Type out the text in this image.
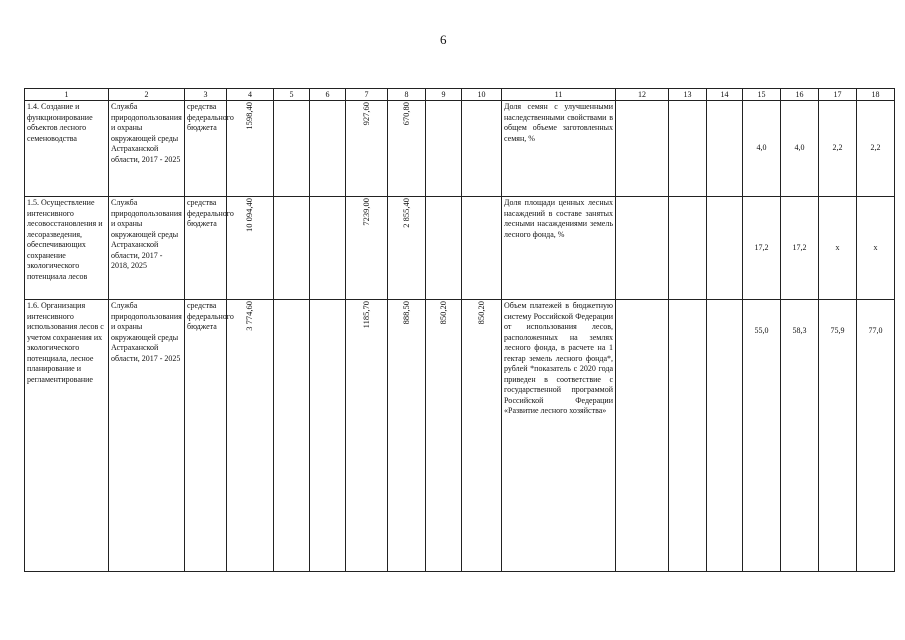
6
1	2	3	4	5	6	7	8	9	10	11	12	13	14	15	16	17	18
1.4. Создание и функционирование объектов лесного семеноводства	Служба природопользования и охраны окружающей среды Астраханской области, 2017 - 2025	средства федерального бюджета	1598,40			927,60	670,80			Доля семян с улучшенными наследственными свойствами в общем объеме заготовленных семян, %				4,0	4,0	2,2	2,2
1.5. Осуществление интенсивного лесовосстановления и лесоразведения, обеспечивающих сохранение экологического потенциала лесов	Служба природопользования и охраны окружающей среды Астраханской области, 2017 - 2018, 2025	средства федерального бюджета	10 094,40			7239,00	2 855,40			Доля площади ценных лесных насаждений в составе занятых лесными насаждениями земель лесного фонда, %				17,2	17,2	х	х
1.6. Организация интенсивного использования лесов с учетом сохранения их экологического потенциала, лесное планирование и регламентирование	Служба природопользования и охраны окружающей среды Астраханской области, 2017 - 2025	средства федерального бюджета	3 774,60			1185,70	888,50	850,20	850,20	Объем платежей в бюджетную систему Российской Федерации от использования лесов, расположенных на землях лесного фонда, в расчете на 1 гектар земель лесного фонда*, рублей *показатель с 2020 года приведен в соответствие с государственной программой Российской Федерации «Развитие лесного хозяйства»				55,0	58,3	75,9	77,0
